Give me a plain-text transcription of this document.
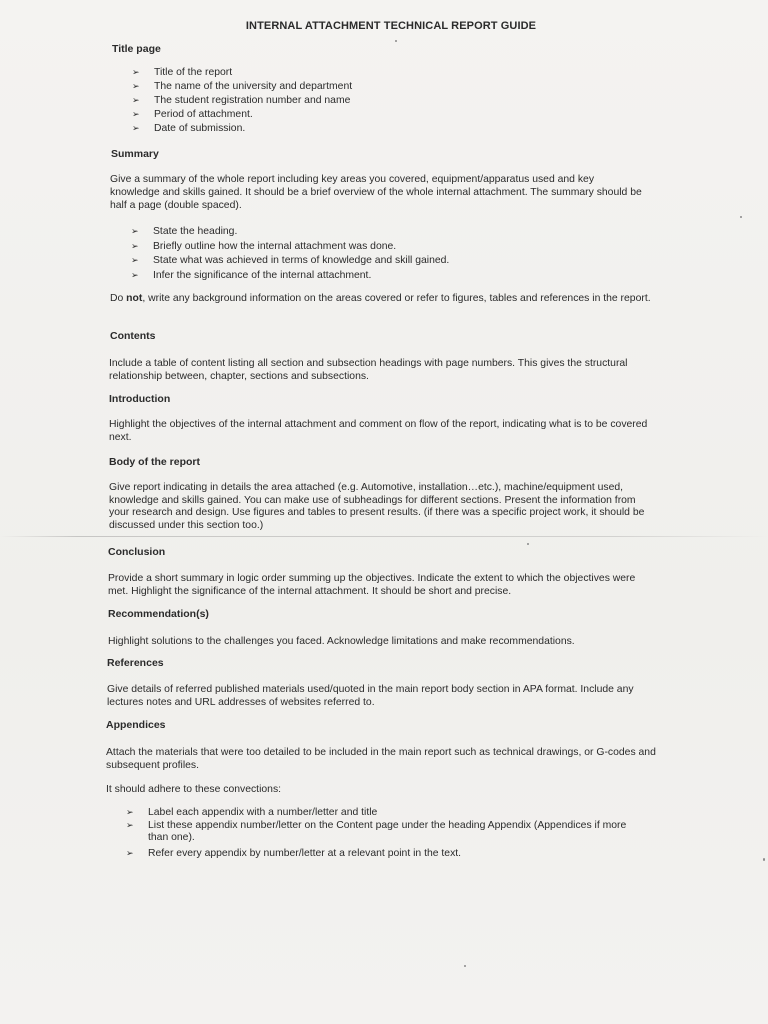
INTERNAL ATTACHMENT TECHNICAL REPORT GUIDE
Title page
➢ Title of the report
➢ The name of the university and department
➢ The student registration number and name
➢ Period of attachment.
➢ Date of submission.
Summary

Give a summary of the whole report including key areas you covered, equipment/apparatus used and key knowledge and skills gained. It should be a brief overview of the whole internal attachment. The summary should be half a page (double spaced).

➢ State the heading.
➢ Briefly outline how the internal attachment was done.
➢ State what was achieved in terms of knowledge and skill gained.
➢ Infer the significance of the internal attachment.

Do not, write any background information on the areas covered or refer to figures, tables and references in the report.

Contents

Include a table of content listing all section and subsection headings with page numbers. This gives the structural relationship between, chapter, sections and subsections.

Introduction

Highlight the objectives of the internal attachment and comment on flow of the report, indicating what is to be covered next.

Body of the report

Give report indicating in details the area attached (e.g. Automotive, installation…etc.), machine/equipment used, knowledge and skills gained. You can make use of subheadings for different sections. Present the information from your research and design. Use figures and tables to present results. (if there was a specific project work, it should be discussed under this section too.)

Conclusion

Provide a short summary in logic order summing up the objectives. Indicate the extent to which the objectives were met. Highlight the significance of the internal attachment. It should be short and precise.

Recommendation(s)

Highlight solutions to the challenges you faced. Acknowledge limitations and make recommendations.

References

Give details of referred published materials used/quoted in the main report body section in APA format. Include any lectures notes and URL addresses of websites referred to.

Appendices

Attach the materials that were too detailed to be included in the main report such as technical drawings, or G-codes and subsequent profiles.

It should adhere to these convections:

➢ Label each appendix with a number/letter and title
➢ List these appendix number/letter on the Content page under the heading Appendix (Appendices if more than one).
➢ Refer every appendix by number/letter at a relevant point in the text.
